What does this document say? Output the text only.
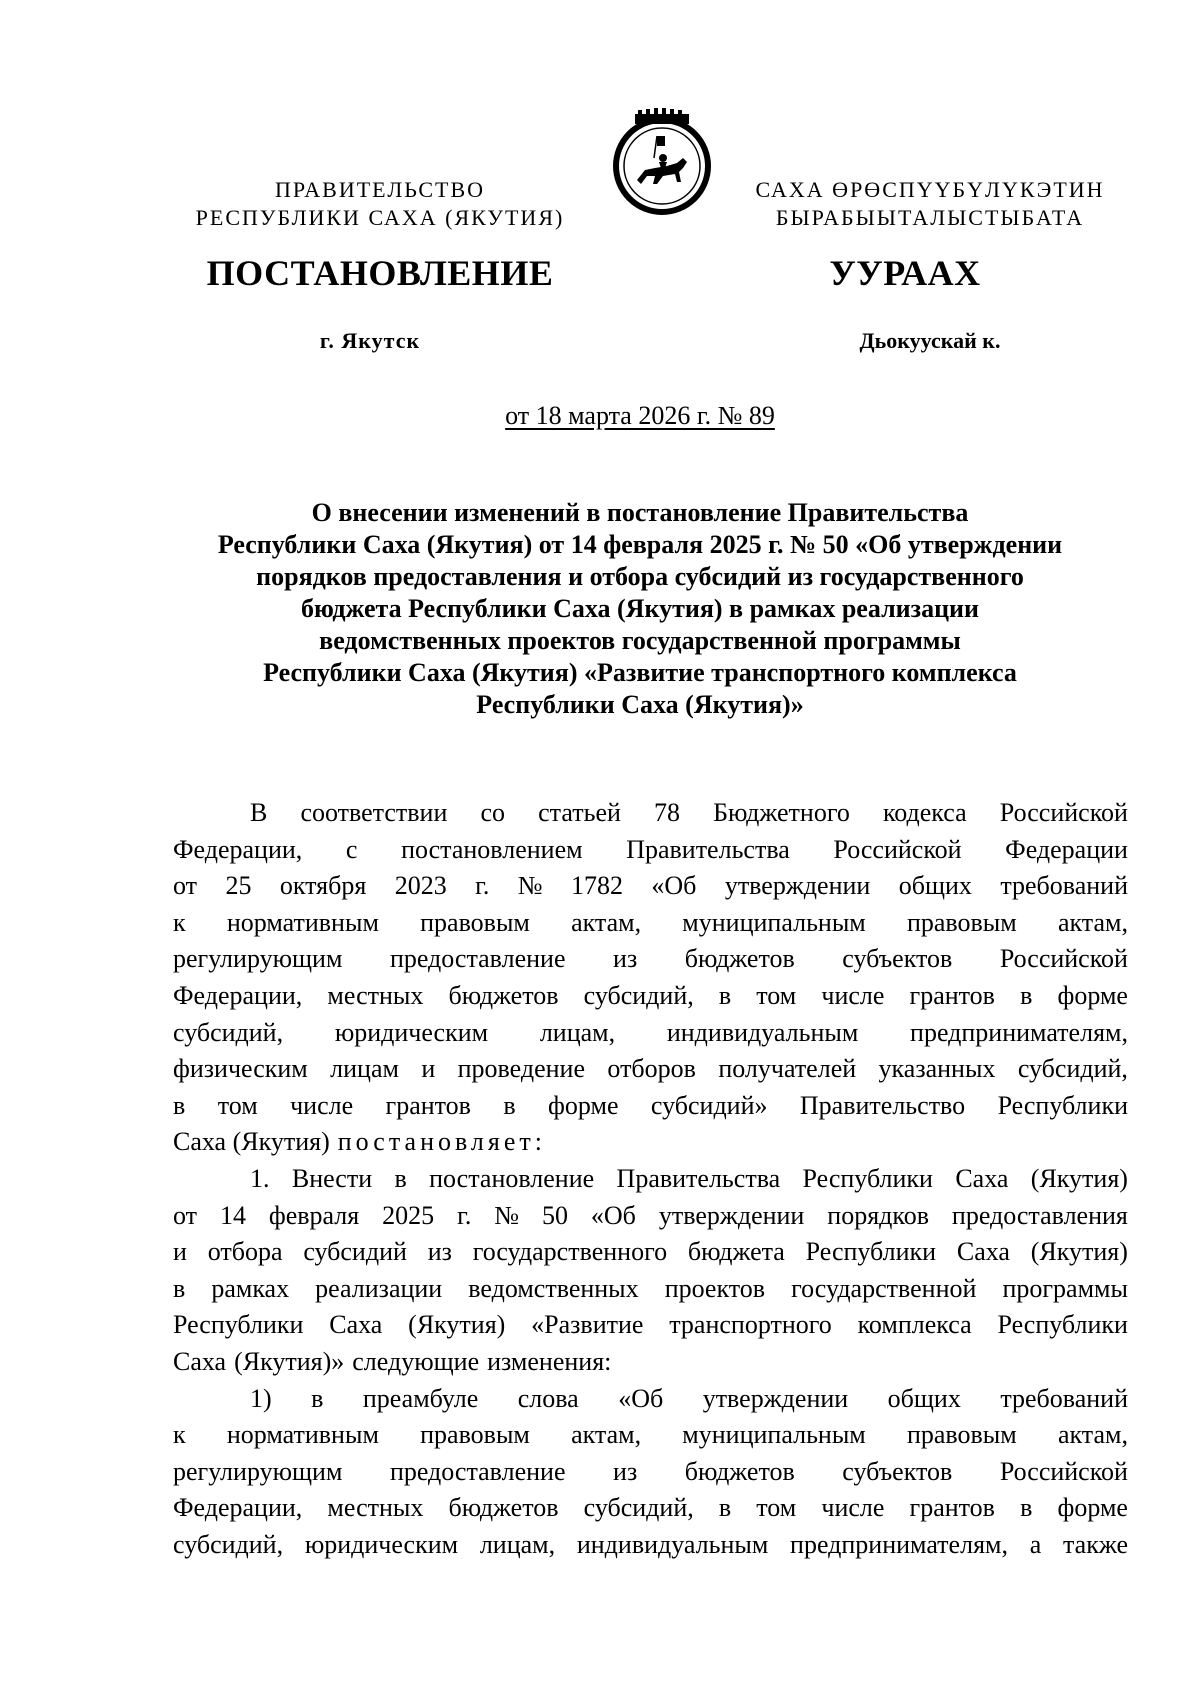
ПРАВИТЕЛЬСТВО
РЕСПУБЛИКИ САХА (ЯКУТИЯ)
САХА ӨРӨСПYYБYЛYКЭТИН
БЫРАБЫЫТАЛЫСТЫБАТА
ПОСТАНОВЛЕНИЕ	УУРААХ
г. Якутск	Дьокуускай к.
от 18 марта 2026 г. № 89
О внесении изменений в постановление Правительства
Республики Саха (Якутия) от 14 февраля 2025 г. № 50 «Об утверждении
порядков предоставления и отбора субсидий из государственного
бюджета Республики Саха (Якутия) в рамках реализации
ведомственных проектов государственной программы
Республики Саха (Якутия) «Развитие транспортного комплекса
Республики Саха (Якутия)»
В соответствии со статьей 78 Бюджетного кодекса Российской
Федерации, с постановлением Правительства Российской Федерации
от 25 октября 2023 г. № 1782 «Об утверждении общих требований
к нормативным правовым актам, муниципальным правовым актам,
регулирующим предоставление из бюджетов субъектов Российской
Федерации, местных бюджетов субсидий, в том числе грантов в форме
субсидий, юридическим лицам, индивидуальным предпринимателям,
физическим лицам и проведение отборов получателей указанных субсидий,
в том числе грантов в форме субсидий» Правительство Республики
Саха (Якутия) постановляет:
1. Внести в постановление Правительства Республики Саха (Якутия)
от 14 февраля 2025 г. № 50 «Об утверждении порядков предоставления
и отбора субсидий из государственного бюджета Республики Саха (Якутия)
в рамках реализации ведомственных проектов государственной программы
Республики Саха (Якутия) «Развитие транспортного комплекса Республики
Саха (Якутия)» следующие изменения:
1) в преамбуле слова «Об утверждении общих требований
к нормативным правовым актам, муниципальным правовым актам,
регулирующим предоставление из бюджетов субъектов Российской
Федерации, местных бюджетов субсидий, в том числе грантов в форме
субсидий, юридическим лицам, индивидуальным предпринимателям, а также
